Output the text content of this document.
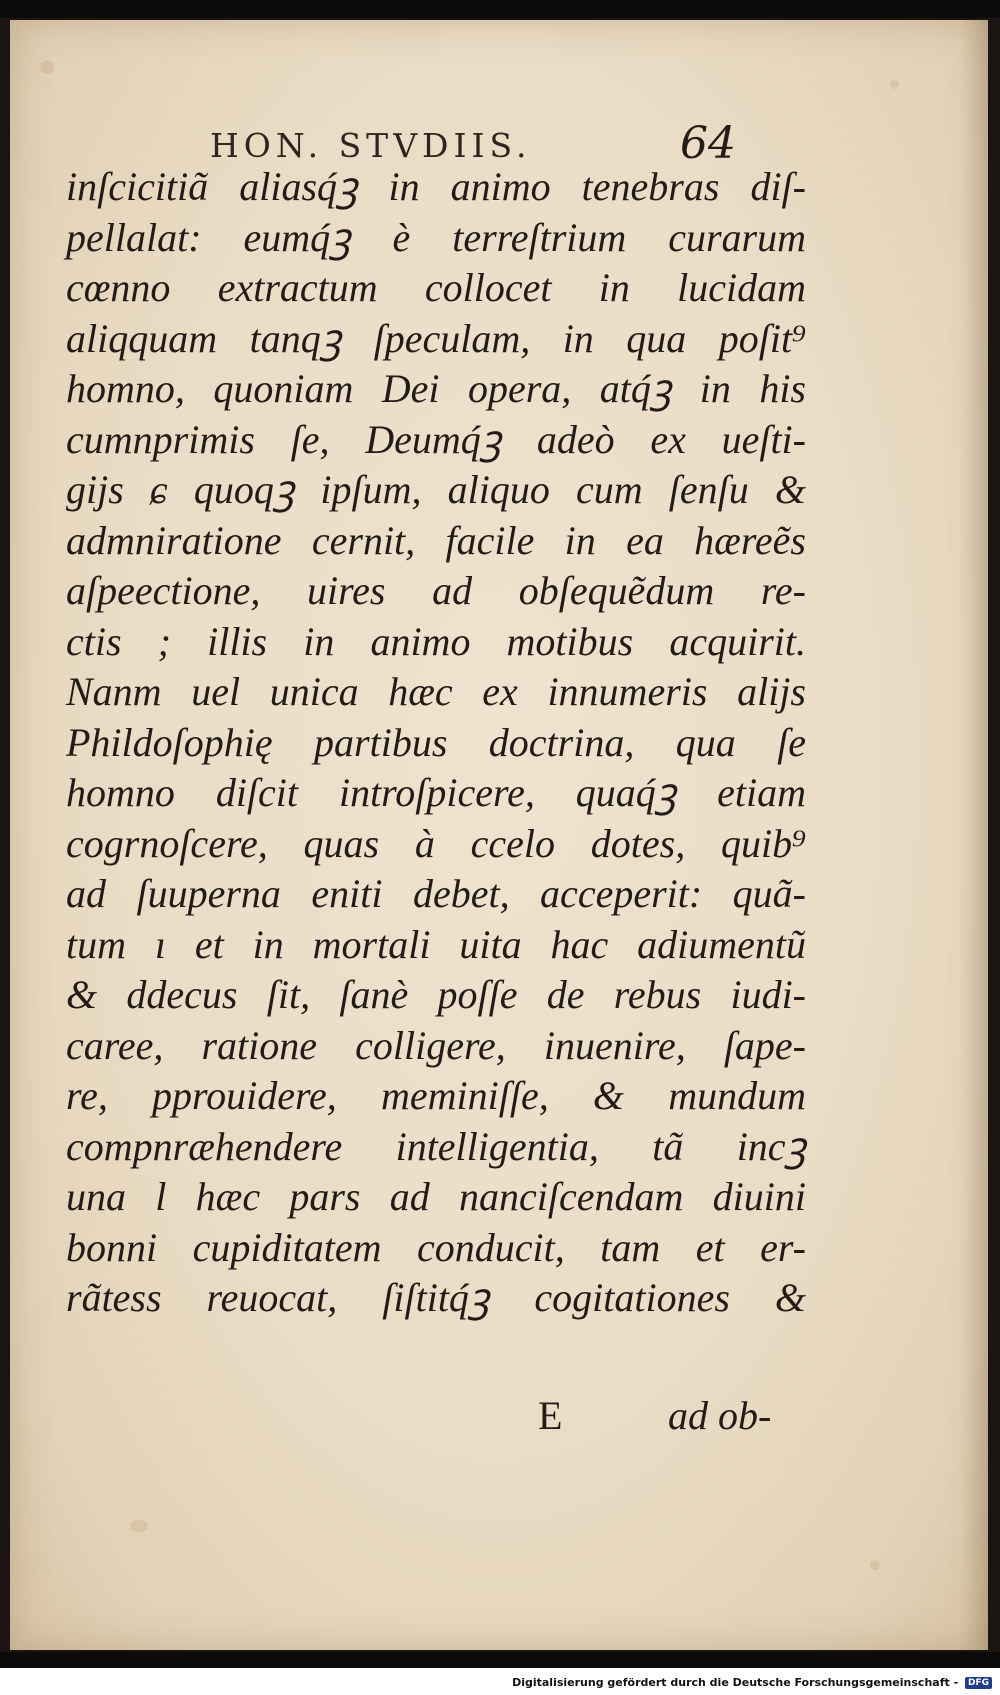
HON. STVDIIS.	64
inſcicitiã aliasq́ꝫ in animo tenebras diſ-
pellalat: eumq́ꝫ è terreſtrium curarum
cœnno extractum collocet in lucidam
aliqquam tanqꝫ ſpeculam, in qua poſit⁹
homno, quoniam Dei opera, atq́ꝫ in his
cumnprimis ſe, Deumq́ꝫ adeò ex ueſti-
gijs ɕ quoqꝫ ipſum, aliquo cum ſenſu &
admniratione cernit, facile in ea hæreẽs
aſpeectione, uires ad obſequẽdum re-
ctis ; illis in animo motibus acquirit.
Nanm uel unica hæc ex innumeris alijs
Phildoſophię partibus doctrina, qua ſe
homno diſcit introſpicere, quaq́ꝫ etiam
cogrnoſcere, quas à ccelo dotes, quib⁹
ad ſuuperna eniti debet, acceperit: quã-
tum ı et in mortali uita hac adiumentũ
& ddecus ſit, ſanè poſſe de rebus iudi-
caree, ratione colligere, inuenire, ſape-
re, pprouidere, meminiſſe, & mundum
compnræhendere intelligentia, tã incꝫ
una l hæc pars ad nanciſcendam diuini
bonni cupiditatem conducit, tam et er-
rãtess reuocat, ſiſtitq́ꝫ cogitationes &
E	ad ob-
Digitalisierung gefördert durch die Deutsche Forschungsgemeinschaft - DFG
